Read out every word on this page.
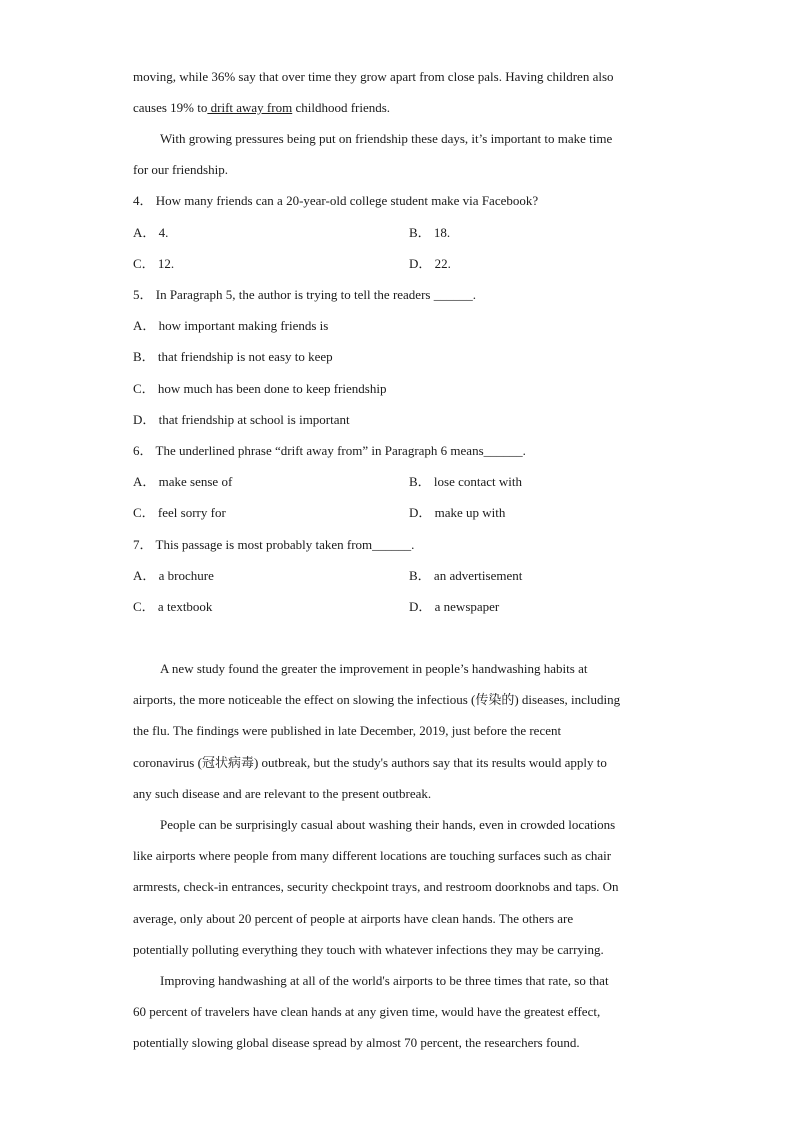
moving, while 36% say that over time they grow apart from close pals. Having children also
causes 19% to drift away from childhood friends.
With growing pressures being put on friendship these days, it’s important to make time
for our friendship.
4． How many friends can a 20-year-old college student make via Facebook?
A． 4.	B． 18.
C． 12.	D． 22.
5． In Paragraph 5, the author is trying to tell the readers ______.
A． how important making friends is
B． that friendship is not easy to keep
C． how much has been done to keep friendship
D． that friendship at school is important
6． The underlined phrase “drift away from” in Paragraph 6 means______.
A． make sense of	B． lose contact with
C． feel sorry for	D． make up with
7． This passage is most probably taken from______.
A． a brochure	B． an advertisement
C． a textbook	D． a newspaper
A new study found the greater the improvement in people’s handwashing habits at
airports, the more noticeable the effect on slowing the infectious (传染的) diseases, including
the flu. The findings were published in late December, 2019, just before the recent
coronavirus (冠状病毒) outbreak, but the study's authors say that its results would apply to
any such disease and are relevant to the present outbreak.
People can be surprisingly casual about washing their hands, even in crowded locations
like airports where people from many different locations are touching surfaces such as chair
armrests, check-in entrances, security checkpoint trays, and restroom doorknobs and taps. On
average, only about 20 percent of people at airports have clean hands. The others are
potentially polluting everything they touch with whatever infections they may be carrying.
Improving handwashing at all of the world's airports to be three times that rate, so that
60 percent of travelers have clean hands at any given time, would have the greatest effect,
potentially slowing global disease spread by almost 70 percent, the researchers found.
